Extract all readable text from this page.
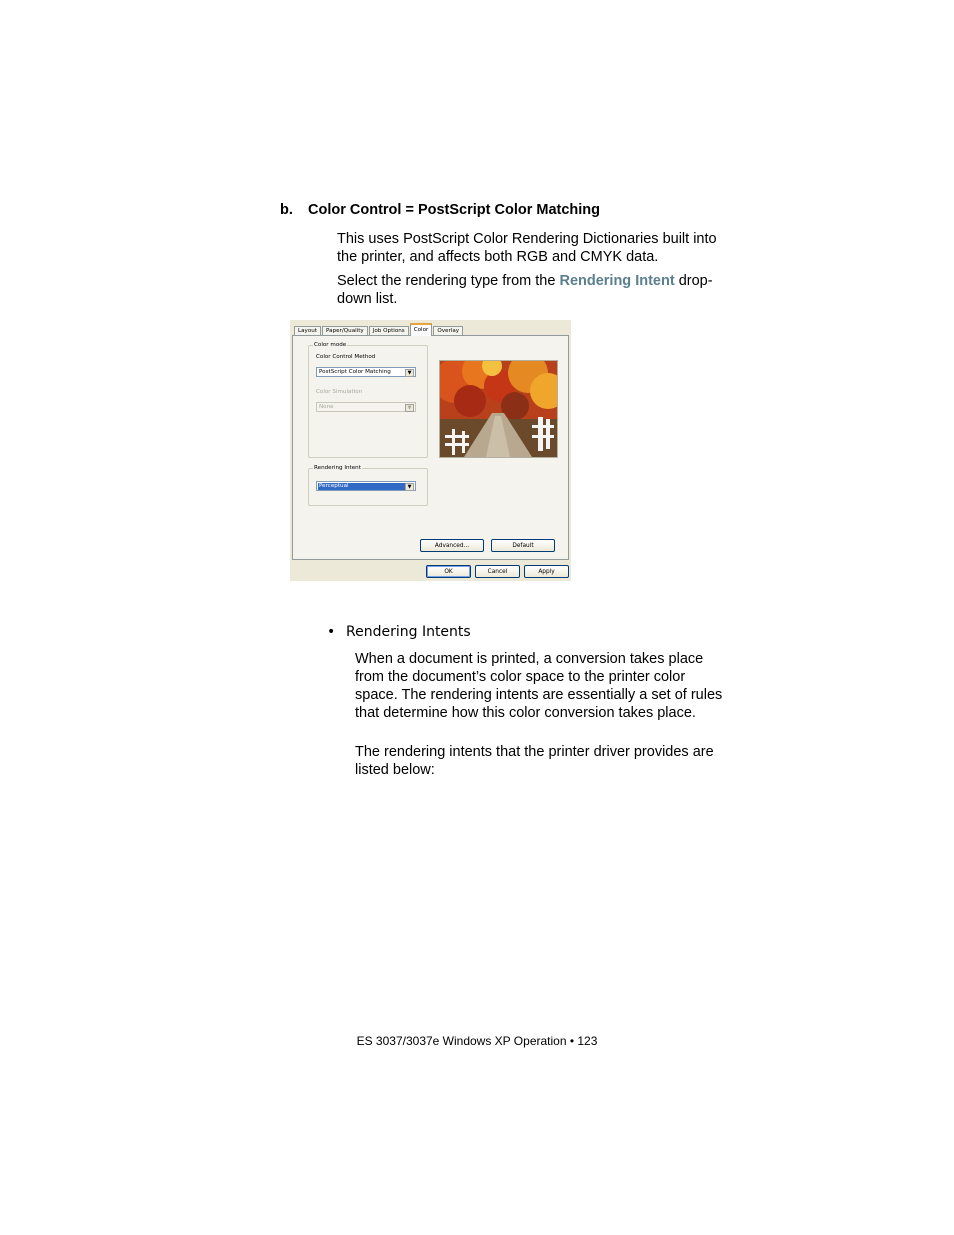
b. Color Control = PostScript Color Matching
This uses PostScript Color Rendering Dictionaries built into the printer, and affects both RGB and CMYK data.
Select the rendering type from the Rendering Intent drop-down list.
Layout	Paper/Quality	Job Options	Color	Overlay
Color mode
Color Control Method
PostScript Color Matching	▼
Color Simulation
None	▼
Rendering Intent
Perceptual	▼
Advanced...	Default
OK	Cancel	Apply
• Rendering Intents
When a document is printed, a conversion takes place from the document’s color space to the printer color space. The rendering intents are essentially a set of rules that determine how this color conversion takes place.
The rendering intents that the printer driver provides are listed below:
ES 3037/3037e Windows XP Operation • 123
